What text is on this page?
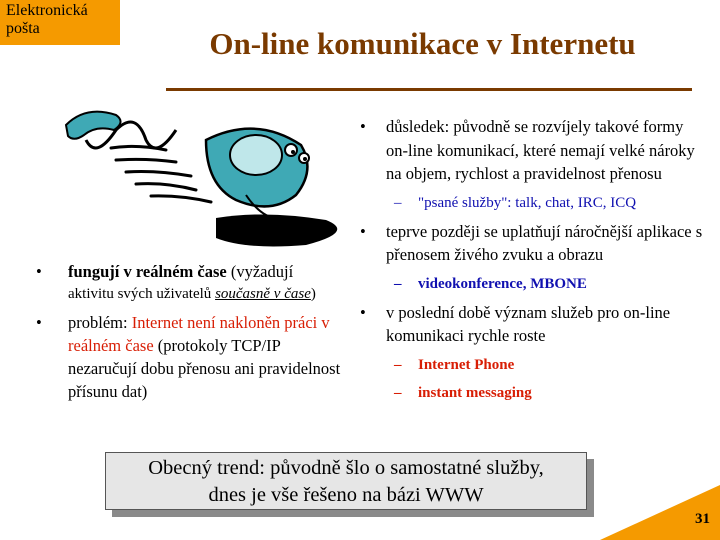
Elektronická
pošta	On-line komunikace v Internetu
• fungují v reálném čase (vyžadují
aktivitu svých uživatelů současně v čase)
• problém: Internet není nakloněn práci v reálném čase (protokoly TCP/IP nezaručují dobu přenosu ani pravidelnost přísunu dat)
• důsledek: původně se rozvíjely takové formy on-line komunikací, které nemají velké nároky na objem, rychlost a pravidelnost přenosu
– "psané služby": talk, chat, IRC, ICQ
• teprve později se uplatňují náročnější aplikace s přenosem živého zvuku a obrazu
– videokonference, MBONE
• v poslední době význam služeb pro on-line komunikaci rychle roste
– Internet Phone
– instant messaging
Obecný trend: původně šlo o samostatné služby,
dnes je vše řešeno na bázi WWW
31
